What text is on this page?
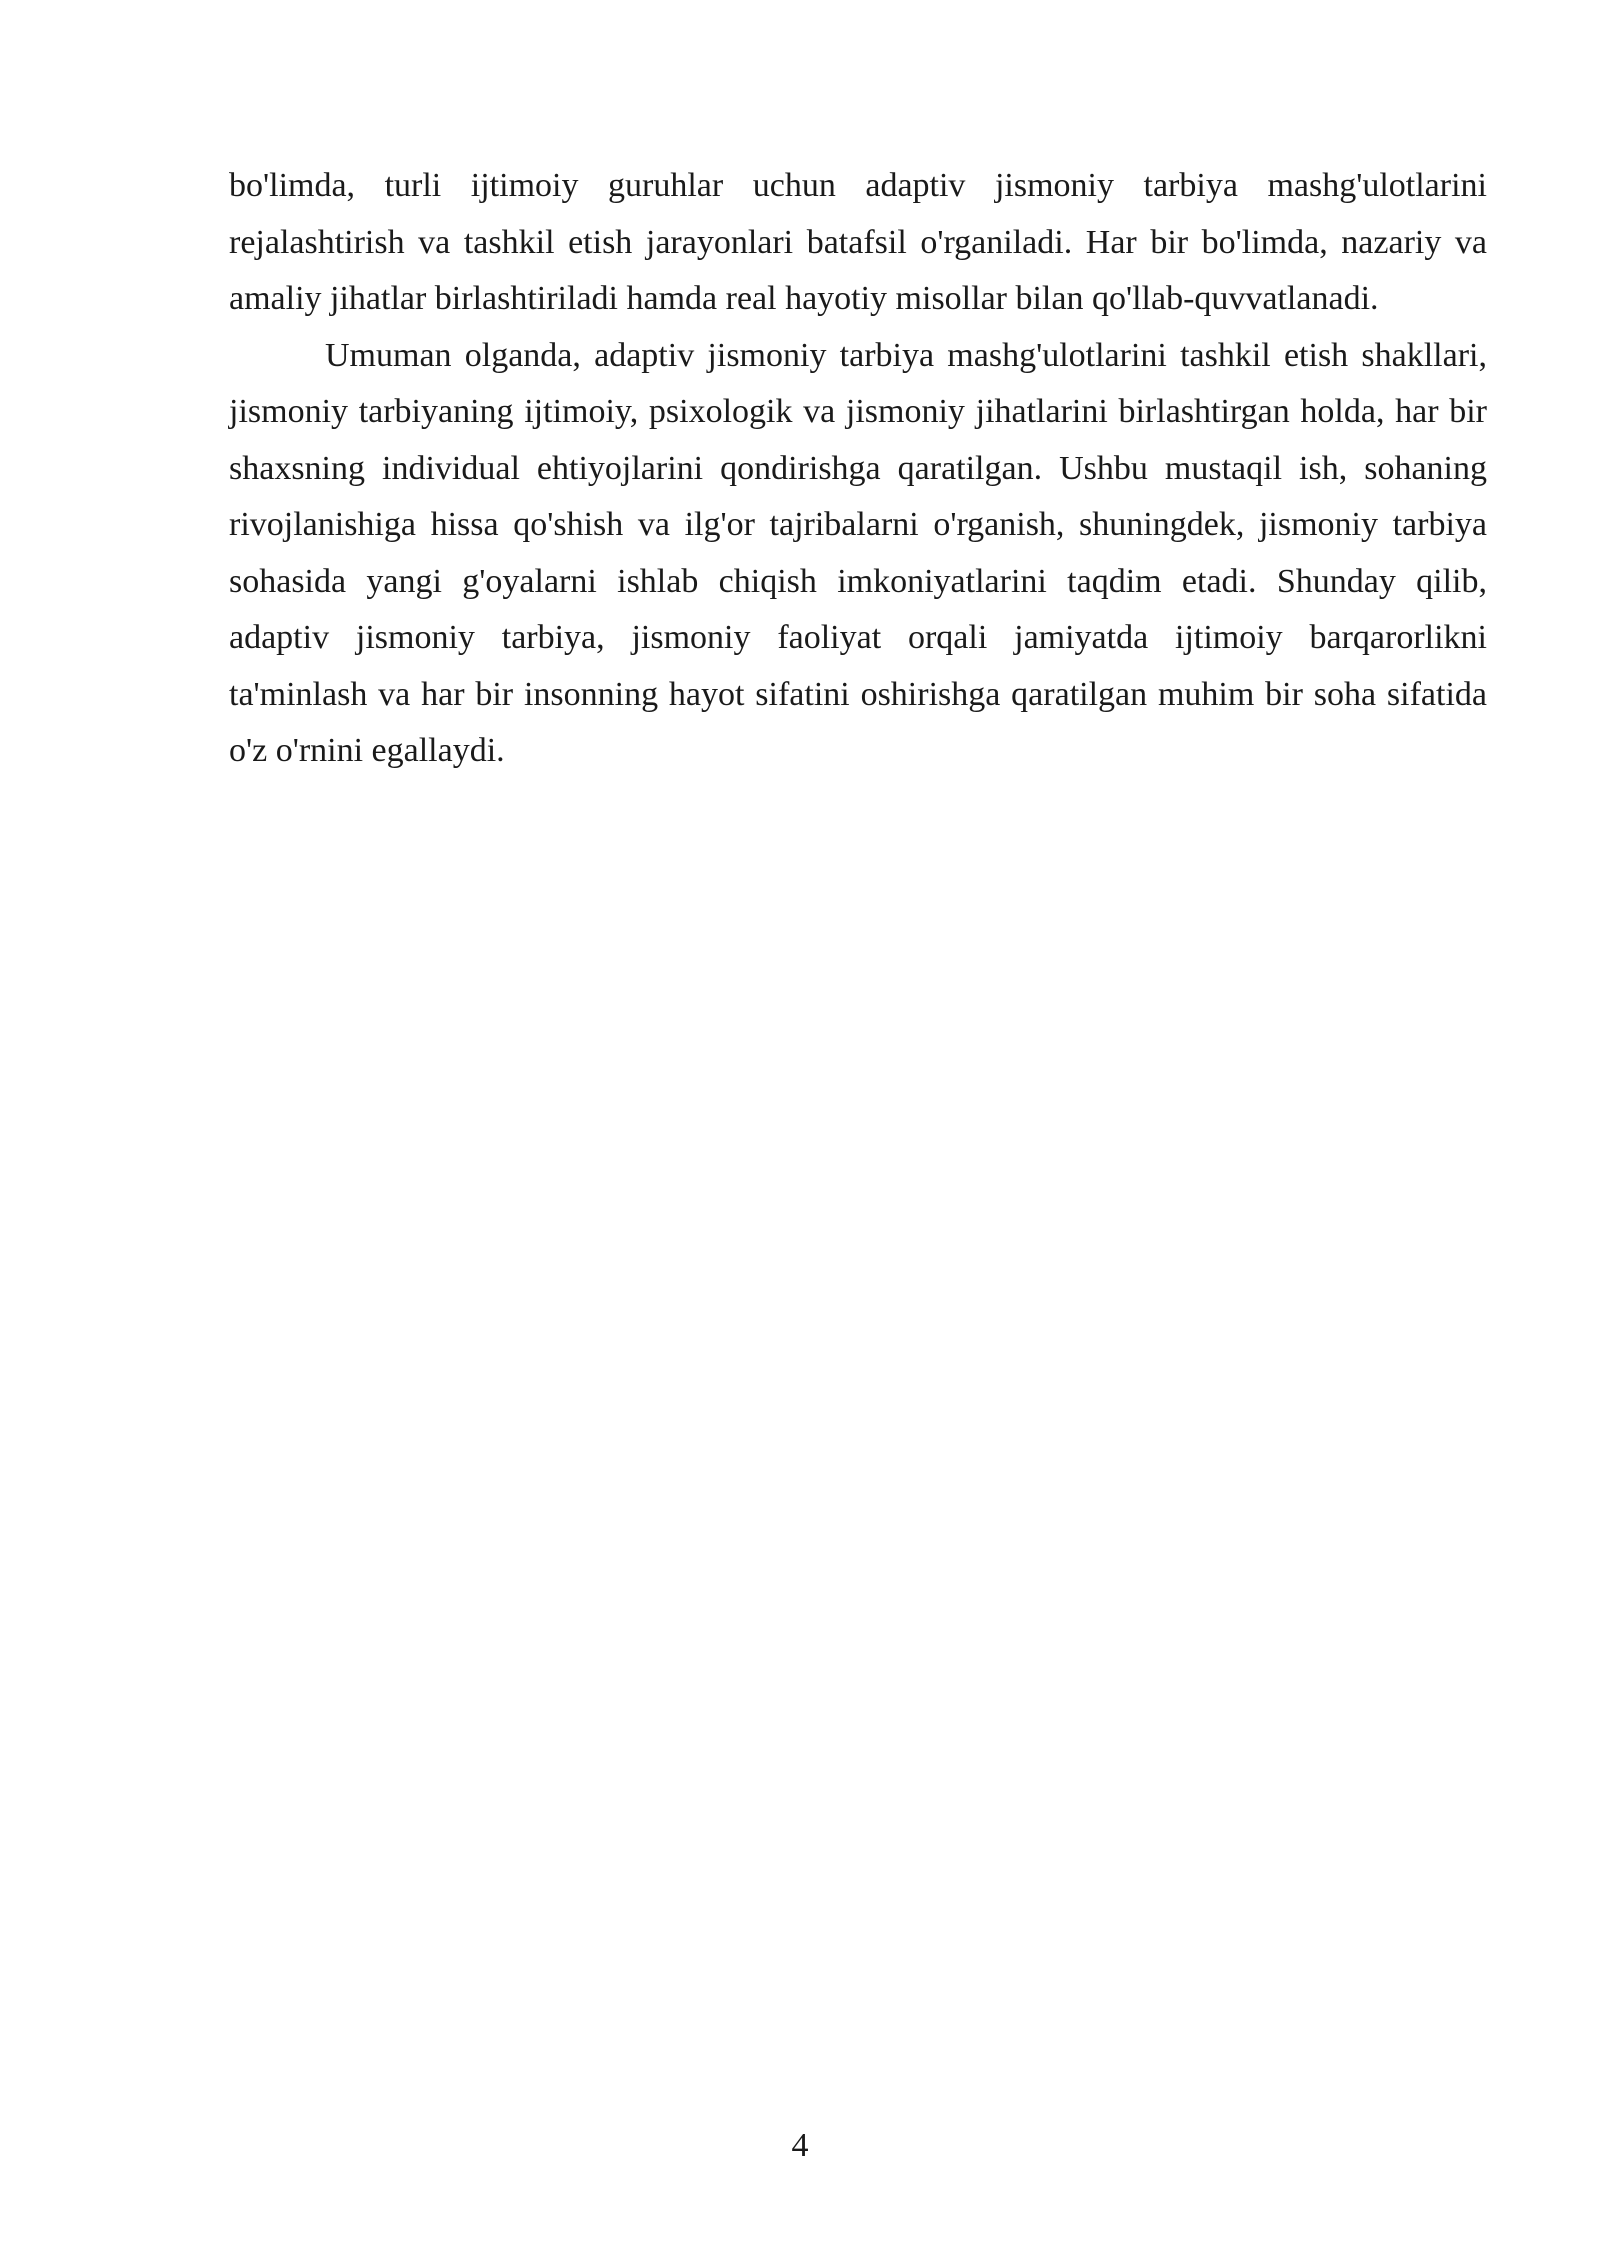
bo'limda, turli ijtimoiy guruhlar uchun adaptiv jismoniy tarbiya mashg'ulotlarini rejalashtirish va tashkil etish jarayonlari batafsil o'rganiladi. Har bir bo'limda, nazariy va amaliy jihatlar birlashtiriladi hamda real hayotiy misollar bilan qo'llab-quvvatlanadi.

Umuman olganda, adaptiv jismoniy tarbiya mashg'ulotlarini tashkil etish shakllari, jismoniy tarbiyaning ijtimoiy, psixologik va jismoniy jihatlarini birlashtirgan holda, har bir shaxsning individual ehtiyojlarini qondirishga qaratilgan. Ushbu mustaqil ish, sohaning rivojlanishiga hissa qo'shish va ilg'or tajribalarni o'rganish, shuningdek, jismoniy tarbiya sohasida yangi g'oyalarni ishlab chiqish imkoniyatlarini taqdim etadi. Shunday qilib, adaptiv jismoniy tarbiya, jismoniy faoliyat orqali jamiyatda ijtimoiy barqarorlikni ta'minlash va har bir insonning hayot sifatini oshirishga qaratilgan muhim bir soha sifatida o'z o'rnini egallaydi.

4
